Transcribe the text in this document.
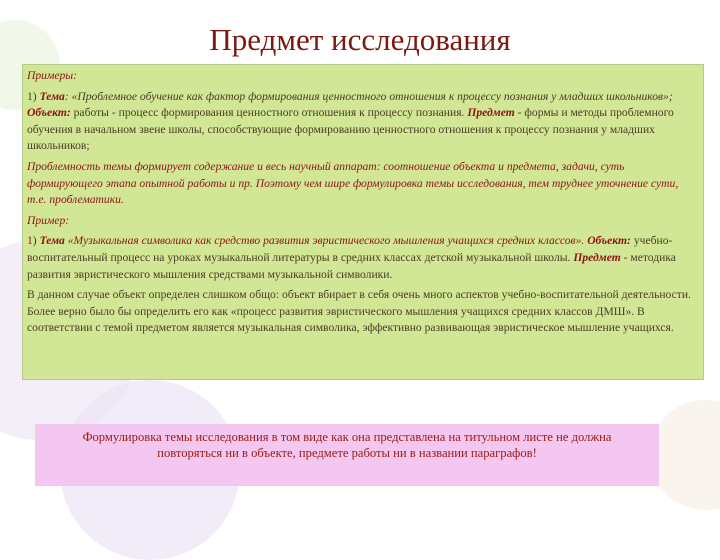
Предмет исследования

Примеры:

1) Тема: «Проблемное обучение как фактор формирования ценностного отношения к процессу познания у младших школьников»; Объект: работы - процесс формирования ценностного отношения к процессу познания. Предмет - формы и методы проблемного обучения в начальном звене школы, способствующие формированию ценностного отношения к процессу познания у младших школьников;

Проблемность темы формирует содержание и весь научный аппарат: соотношение объекта и предмета, задачи, суть формирующего этапа опытной работы и пр. Поэтому чем шире формулировка темы исследования, тем труднее уточнение сути, т.е. проблематики.

Пример:

1) Тема «Музыкальная символика как средство развития эвристического мышления учащихся средних классов». Объект: учебно-воспитательный процесс на уроках музыкальной литературы в средних классах детской музыкальной школы. Предмет - методика развития эвристического мышления средствами музыкальной символики.

В данном случае объект определен слишком общо: объект вбирает в себя очень много аспектов учебно-воспитательной деятельности. Более верно было бы определить его как «процесс развития эвристического мышления учащихся средних классов ДМШ». В соответствии с темой предметом является музыкальная символика, эффективно развивающая эвристическое мышление учащихся.

Формулировка темы исследования в том виде как она представлена на титульном листе не должна повторяться ни в объекте, предмете работы ни в названии параграфов!
